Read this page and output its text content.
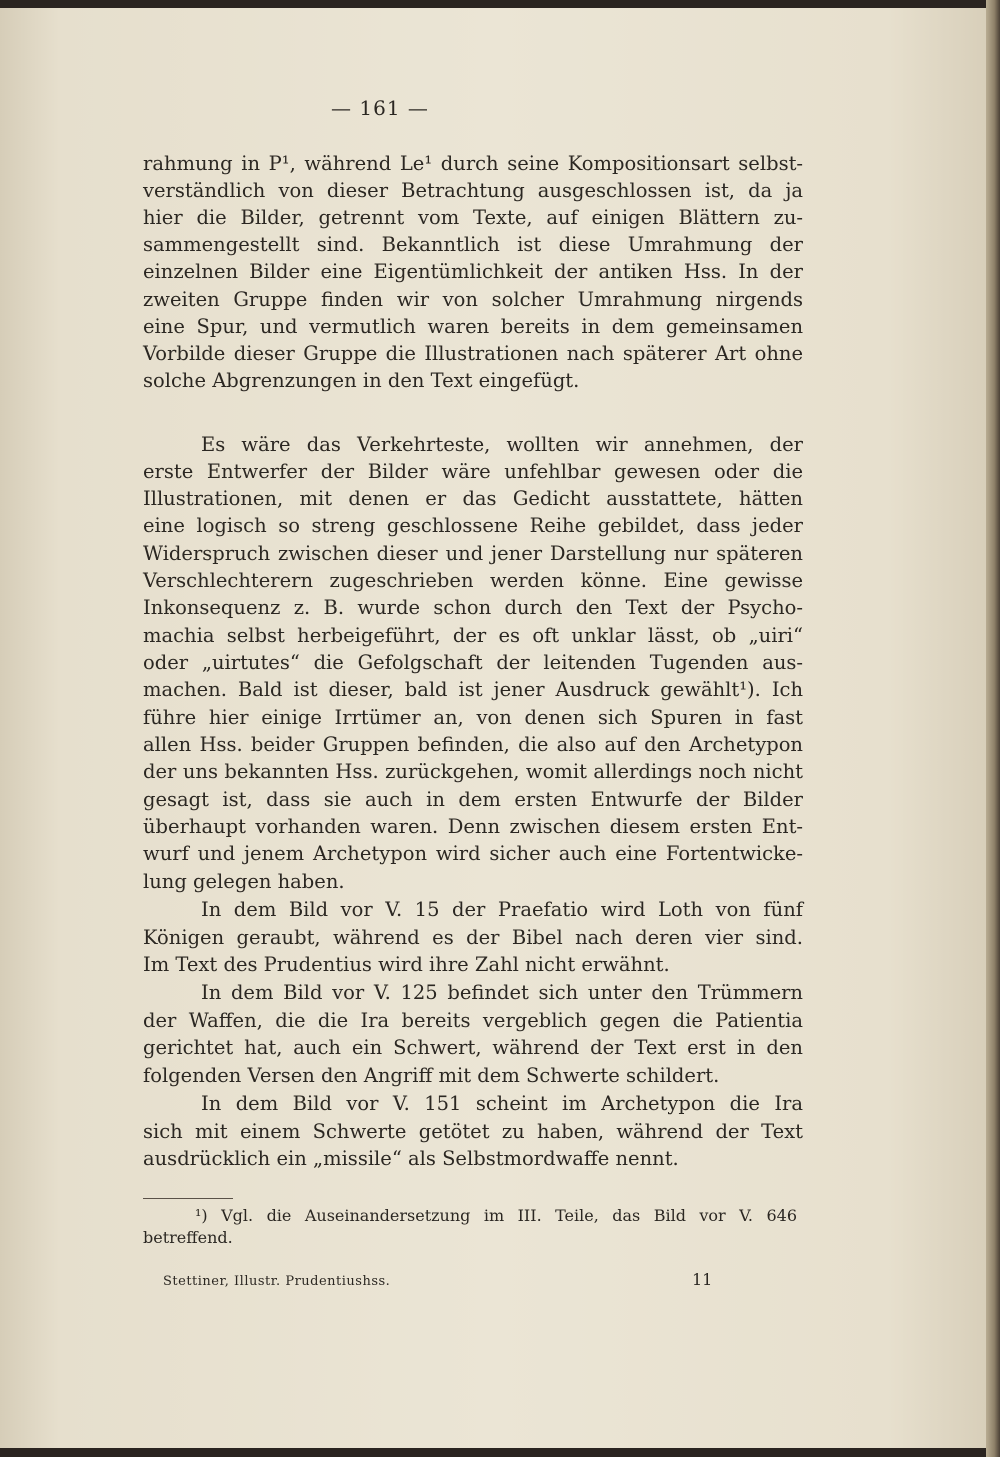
— 161 —
rahmung in P¹, während Le¹ durch seine Kompositionsart selbst-
verständlich von dieser Betrachtung ausgeschlossen ist, da ja
hier die Bilder, getrennt vom Texte, auf einigen Blättern zu-
sammengestellt sind. Bekanntlich ist diese Umrahmung der
einzelnen Bilder eine Eigentümlichkeit der antiken Hss. In der
zweiten Gruppe finden wir von solcher Umrahmung nirgends
eine Spur, und vermutlich waren bereits in dem gemeinsamen
Vorbilde dieser Gruppe die Illustrationen nach späterer Art ohne
solche Abgrenzungen in den Text eingefügt.
Es wäre das Verkehrteste, wollten wir annehmen, der
erste Entwerfer der Bilder wäre unfehlbar gewesen oder die
Illustrationen, mit denen er das Gedicht ausstattete, hätten
eine logisch so streng geschlossene Reihe gebildet, dass jeder
Widerspruch zwischen dieser und jener Darstellung nur späteren
Verschlechterern zugeschrieben werden könne. Eine gewisse
Inkonsequenz z. B. wurde schon durch den Text der Psycho-
machia selbst herbeigeführt, der es oft unklar lässt, ob „uiri“
oder „uirtutes“ die Gefolgschaft der leitenden Tugenden aus-
machen. Bald ist dieser, bald ist jener Ausdruck gewählt¹). Ich
führe hier einige Irrtümer an, von denen sich Spuren in fast
allen Hss. beider Gruppen befinden, die also auf den Archetypon
der uns bekannten Hss. zurückgehen, womit allerdings noch nicht
gesagt ist, dass sie auch in dem ersten Entwurfe der Bilder
überhaupt vorhanden waren. Denn zwischen diesem ersten Ent-
wurf und jenem Archetypon wird sicher auch eine Fortentwicke-
lung gelegen haben.
In dem Bild vor V. 15 der Praefatio wird Loth von fünf
Königen geraubt, während es der Bibel nach deren vier sind.
Im Text des Prudentius wird ihre Zahl nicht erwähnt.
In dem Bild vor V. 125 befindet sich unter den Trümmern
der Waffen, die die Ira bereits vergeblich gegen die Patientia
gerichtet hat, auch ein Schwert, während der Text erst in den
folgenden Versen den Angriff mit dem Schwerte schildert.
In dem Bild vor V. 151 scheint im Archetypon die Ira
sich mit einem Schwerte getötet zu haben, während der Text
ausdrücklich ein „missile“ als Selbstmordwaffe nennt.
¹) Vgl. die Auseinandersetzung im III. Teile, das Bild vor V. 646
betreffend.
Stettiner, Illustr. Prudentiushss.	11
